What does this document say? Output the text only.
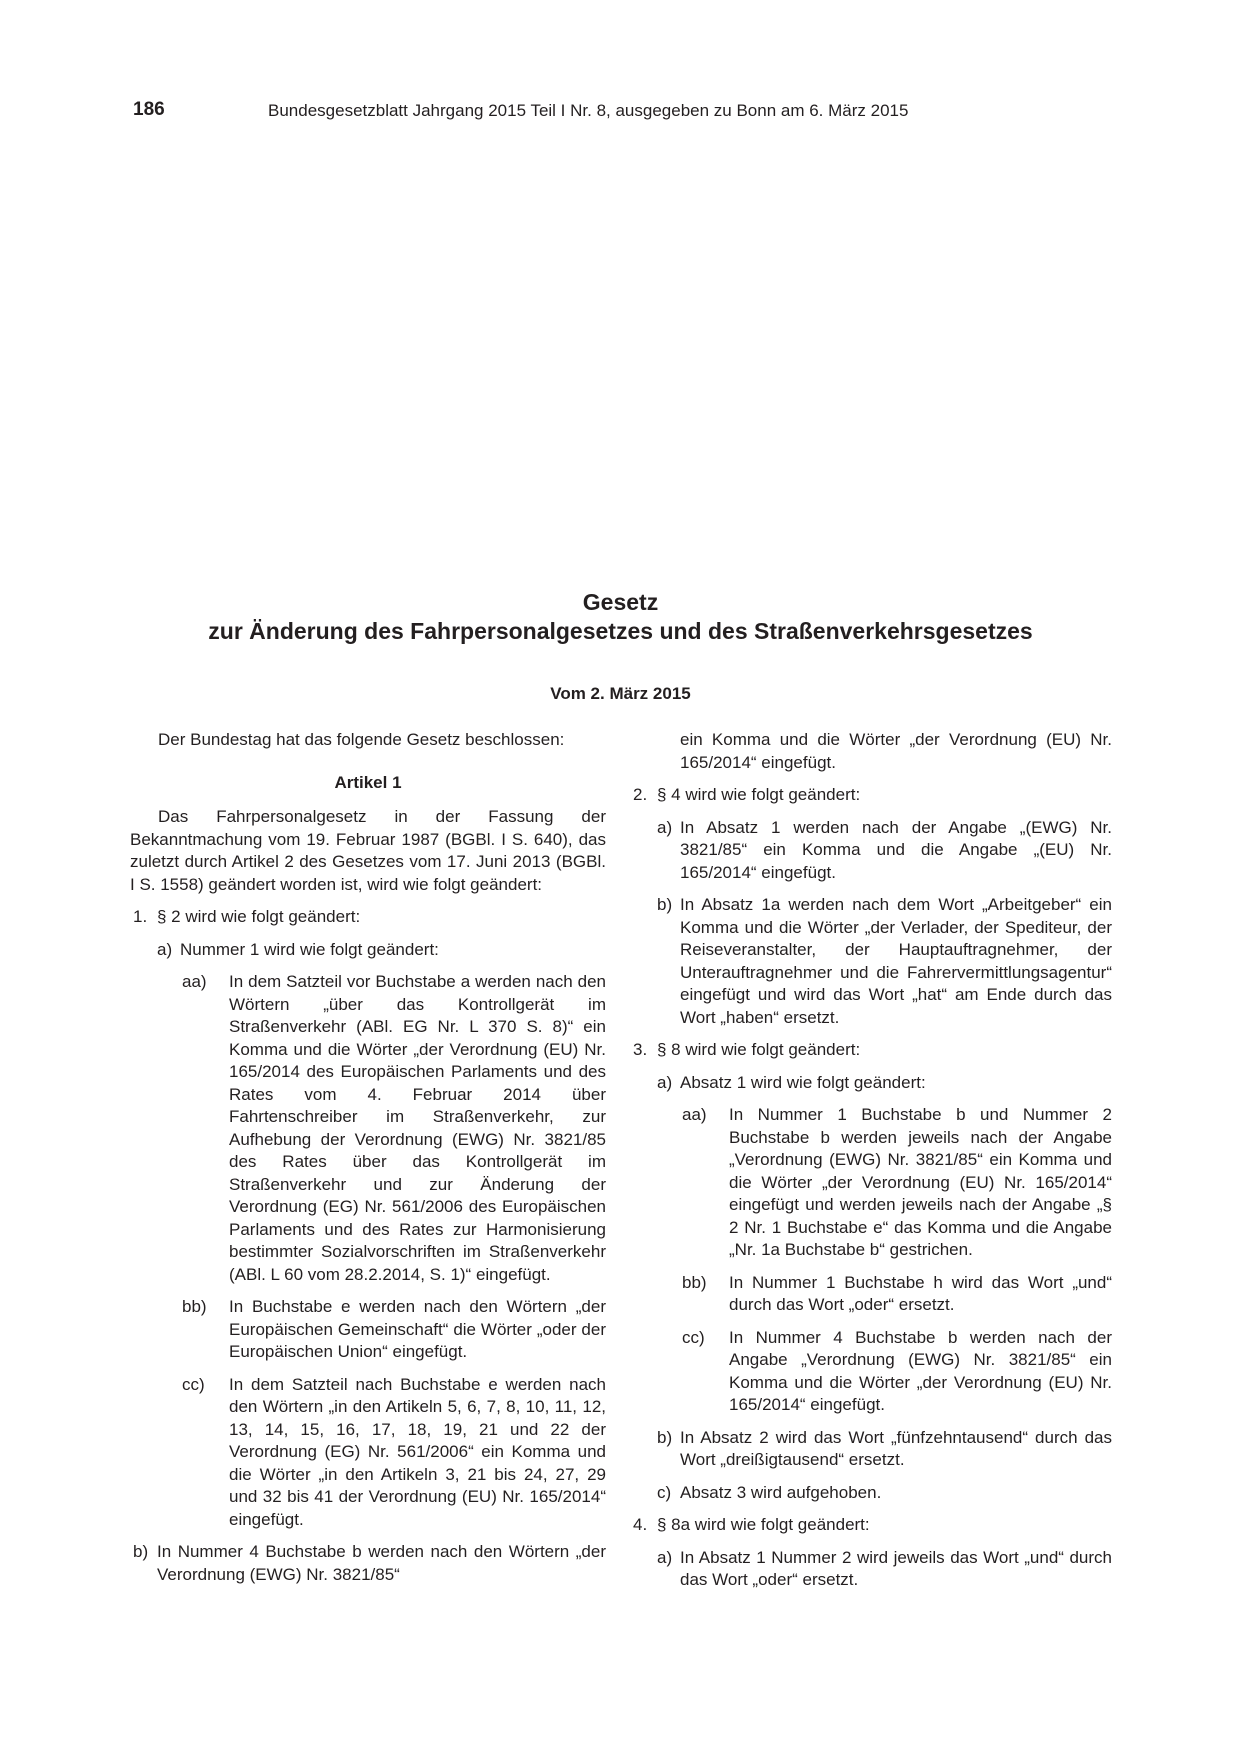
186	Bundesgesetzblatt Jahrgang 2015 Teil I Nr. 8, ausgegeben zu Bonn am 6. März 2015
Gesetz
zur Änderung des Fahrpersonalgesetzes und des Straßenverkehrsgesetzes
Vom 2. März 2015

Der Bundestag hat das folgende Gesetz beschlossen:

Artikel 1

Das Fahrpersonalgesetz in der Fassung der Bekanntmachung vom 19. Februar 1987 (BGBl. I S. 640), das zuletzt durch Artikel 2 des Gesetzes vom 17. Juni 2013 (BGBl. I S. 1558) geändert worden ist, wird wie folgt geändert:

1. § 2 wird wie folgt geändert:
a) Nummer 1 wird wie folgt geändert:
aa) In dem Satzteil vor Buchstabe a werden nach den Wörtern „über das Kontrollgerät im Straßenverkehr (ABl. EG Nr. L 370 S. 8)“ ein Komma und die Wörter „der Verordnung (EU) Nr. 165/2014 des Europäischen Parlaments und des Rates vom 4. Februar 2014 über Fahrtenschreiber im Straßenverkehr, zur Aufhebung der Verordnung (EWG) Nr. 3821/85 des Rates über das Kontrollgerät im Straßenverkehr und zur Änderung der Verordnung (EG) Nr. 561/2006 des Europäischen Parlaments und des Rates zur Harmonisierung bestimmter Sozialvorschriften im Straßenverkehr (ABl. L 60 vom 28.2.2014, S. 1)“ eingefügt.
bb) In Buchstabe e werden nach den Wörtern „der Europäischen Gemeinschaft“ die Wörter „oder der Europäischen Union“ eingefügt.
cc) In dem Satzteil nach Buchstabe e werden nach den Wörtern „in den Artikeln 5, 6, 7, 8, 10, 11, 12, 13, 14, 15, 16, 17, 18, 19, 21 und 22 der Verordnung (EG) Nr. 561/2006“ ein Komma und die Wörter „in den Artikeln 3, 21 bis 24, 27, 29 und 32 bis 41 der Verordnung (EU) Nr. 165/2014“ eingefügt.
b) In Nummer 4 Buchstabe b werden nach den Wörtern „der Verordnung (EWG) Nr. 3821/85“
ein Komma und die Wörter „der Verordnung (EU) Nr. 165/2014“ eingefügt.
2. § 4 wird wie folgt geändert:
a) In Absatz 1 werden nach der Angabe „(EWG) Nr. 3821/85“ ein Komma und die Angabe „(EU) Nr. 165/2014“ eingefügt.
b) In Absatz 1a werden nach dem Wort „Arbeitgeber“ ein Komma und die Wörter „der Verlader, der Spediteur, der Reiseveranstalter, der Hauptauftragnehmer, der Unterauftragnehmer und die Fahrervermittlungsagentur“ eingefügt und wird das Wort „hat“ am Ende durch das Wort „haben“ ersetzt.
3. § 8 wird wie folgt geändert:
a) Absatz 1 wird wie folgt geändert:
aa) In Nummer 1 Buchstabe b und Nummer 2 Buchstabe b werden jeweils nach der Angabe „Verordnung (EWG) Nr. 3821/85“ ein Komma und die Wörter „der Verordnung (EU) Nr. 165/2014“ eingefügt und werden jeweils nach der Angabe „§ 2 Nr. 1 Buchstabe e“ das Komma und die Angabe „Nr. 1a Buchstabe b“ gestrichen.
bb) In Nummer 1 Buchstabe h wird das Wort „und“ durch das Wort „oder“ ersetzt.
cc) In Nummer 4 Buchstabe b werden nach der Angabe „Verordnung (EWG) Nr. 3821/85“ ein Komma und die Wörter „der Verordnung (EU) Nr. 165/2014“ eingefügt.
b) In Absatz 2 wird das Wort „fünfzehntausend“ durch das Wort „dreißigtausend“ ersetzt.
c) Absatz 3 wird aufgehoben.
4. § 8a wird wie folgt geändert:
a) In Absatz 1 Nummer 2 wird jeweils das Wort „und“ durch das Wort „oder“ ersetzt.
